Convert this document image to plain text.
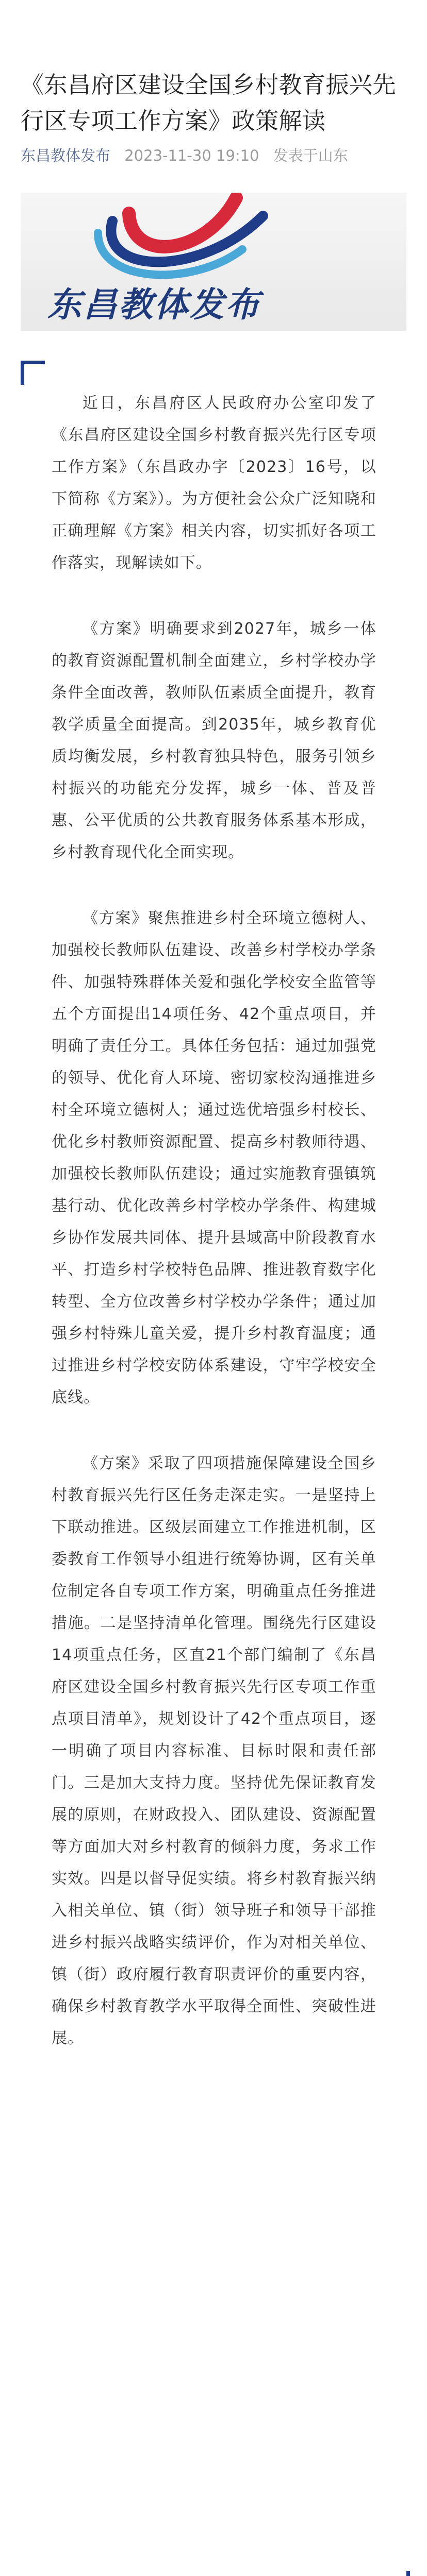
《东昌府区建设全国乡村教育振兴先行区专项工作方案》政策解读
东昌教体发布 2023-11-30 19:10 发表于山东
东昌教体发布

近日，东昌府区人民政府办公室印发了《东昌府区建设全国乡村教育振兴先行区专项工作方案》（东昌政办字〔2023〕16号，以下简称《方案》）。为方便社会公众广泛知晓和正确理解《方案》相关内容，切实抓好各项工作落实，现解读如下。

《方案》明确要求到2027年，城乡一体的教育资源配置机制全面建立，乡村学校办学条件全面改善，教师队伍素质全面提升，教育教学质量全面提高。到2035年，城乡教育优质均衡发展，乡村教育独具特色，服务引领乡村振兴的功能充分发挥，城乡一体、普及普惠、公平优质的公共教育服务体系基本形成，乡村教育现代化全面实现。

《方案》聚焦推进乡村全环境立德树人、加强校长教师队伍建设、改善乡村学校办学条件、加强特殊群体关爱和强化学校安全监管等五个方面提出14项任务、42个重点项目，并明确了责任分工。具体任务包括：通过加强党的领导、优化育人环境、密切家校沟通推进乡村全环境立德树人；通过选优培强乡村校长、优化乡村教师资源配置、提高乡村教师待遇、加强校长教师队伍建设；通过实施教育强镇筑基行动、优化改善乡村学校办学条件、构建城乡协作发展共同体、提升县域高中阶段教育水平、打造乡村学校特色品牌、推进教育数字化转型、全方位改善乡村学校办学条件；通过加强乡村特殊儿童关爱，提升乡村教育温度；通过推进乡村学校安防体系建设，守牢学校安全底线。

《方案》采取了四项措施保障建设全国乡村教育振兴先行区任务走深走实。一是坚持上下联动推进。区级层面建立工作推进机制，区委教育工作领导小组进行统筹协调，区有关单位制定各自专项工作方案，明确重点任务推进措施。二是坚持清单化管理。围绕先行区建设14项重点任务，区直21个部门编制了《东昌府区建设全国乡村教育振兴先行区专项工作重点项目清单》，规划设计了42个重点项目，逐一明确了项目内容标准、目标时限和责任部门。三是加大支持力度。坚持优先保证教育发展的原则，在财政投入、团队建设、资源配置等方面加大对乡村教育的倾斜力度，务求工作实效。四是以督导促实绩。将乡村教育振兴纳入相关单位、镇（街）领导班子和领导干部推进乡村振兴战略实绩评价，作为对相关单位、镇（街）政府履行教育职责评价的重要内容，确保乡村教育教学水平取得全面性、突破性进展。
